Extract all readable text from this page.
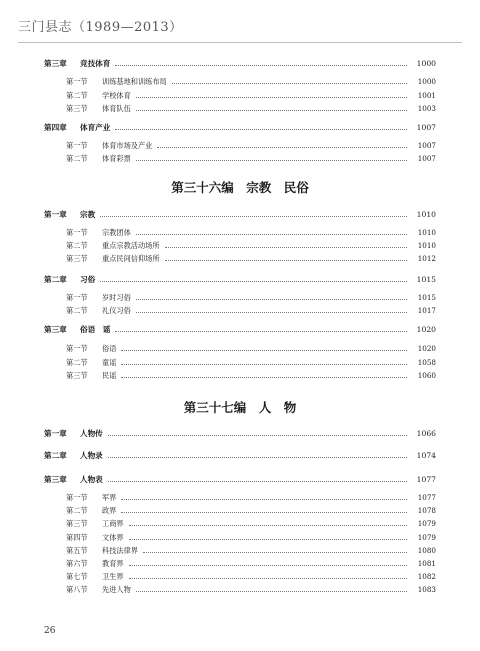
三门县志（1989—2013）
第三章	竞技体育	1000
第一节	训练基地和训练布局	1000
第二节	学校体育	1001
第三节	体育队伍	1003
第四章	体育产业	1007
第一节	体育市场及产业	1007
第二节	体育彩票	1007
第三十六编　宗教　民俗
第一章	宗教	1010
第一节	宗教团体	1010
第二节	重点宗教活动场所	1010
第三节	重点民间信仰场所	1012
第二章	习俗	1015
第一节	岁时习俗	1015
第二节	礼仪习俗	1017
第三章	俗语　谣	1020
第一节	俗语	1020
第二节	童谣	1058
第三节	民谣	1060
第三十七编　人　物
第一章	人物传	1066
第二章	人物录	1074
第三章	人物表	1077
第一节	军界	1077
第二节	政界	1078
第三节	工商界	1079
第四节	文体界	1079
第五节	科技法律界	1080
第六节	教育界	1081
第七节	卫生界	1082
第八节	先进人物	1083
26
